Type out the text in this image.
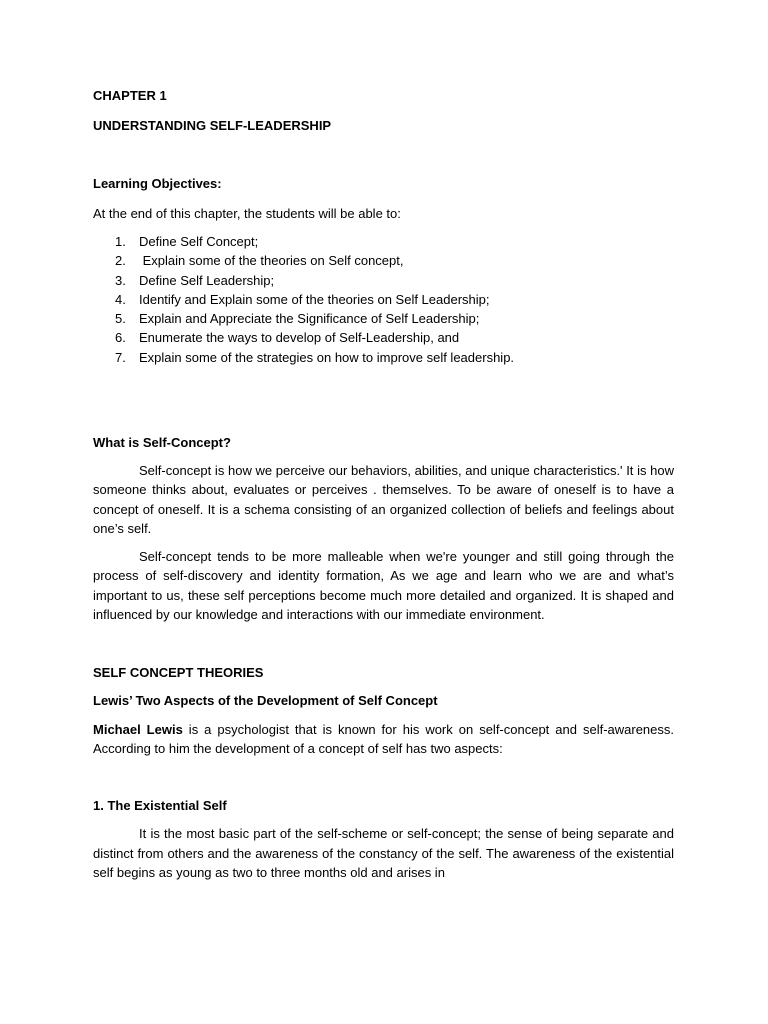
CHAPTER 1

UNDERSTANDING SELF-LEADERSHIP

Learning Objectives:

At the end of this chapter, the students will be able to:

1.	Define Self Concept;
2.	Explain some of the theories on Self concept,
3.	Define Self Leadership;
4.	Identify and Explain some of the theories on Self Leadership;
5.	Explain and Appreciate the Significance of Self Leadership;
6.	Enumerate the ways to develop of Self-Leadership, and
7.	Explain some of the strategies on how to improve self leadership.

What is Self-Concept?

Self-concept is how we perceive our behaviors, abilities, and unique characteristics.' It is how someone thinks about, evaluates or perceives . themselves. To be aware of oneself is to have a concept of oneself. It is a schema consisting of an organized collection of beliefs and feelings about one’s self.

Self-concept tends to be more malleable when we're younger and still going through the process of self-discovery and identity formation, As we age and learn who we are and what’s important to us, these self perceptions become much more detailed and organized. It is shaped and influenced by our knowledge and interactions with our immediate environment.

SELF CONCEPT THEORIES

Lewis’ Two Aspects of the Development of Self Concept

Michael Lewis is a psychologist that is known for his work on self-concept and self-awareness. According to him the development of a concept of self has two aspects:

1. The Existential Self

It is the most basic part of the self-scheme or self-concept; the sense of being separate and distinct from others and the awareness of the constancy of the self. The awareness of the existential self begins as young as two to three months old and arises in
